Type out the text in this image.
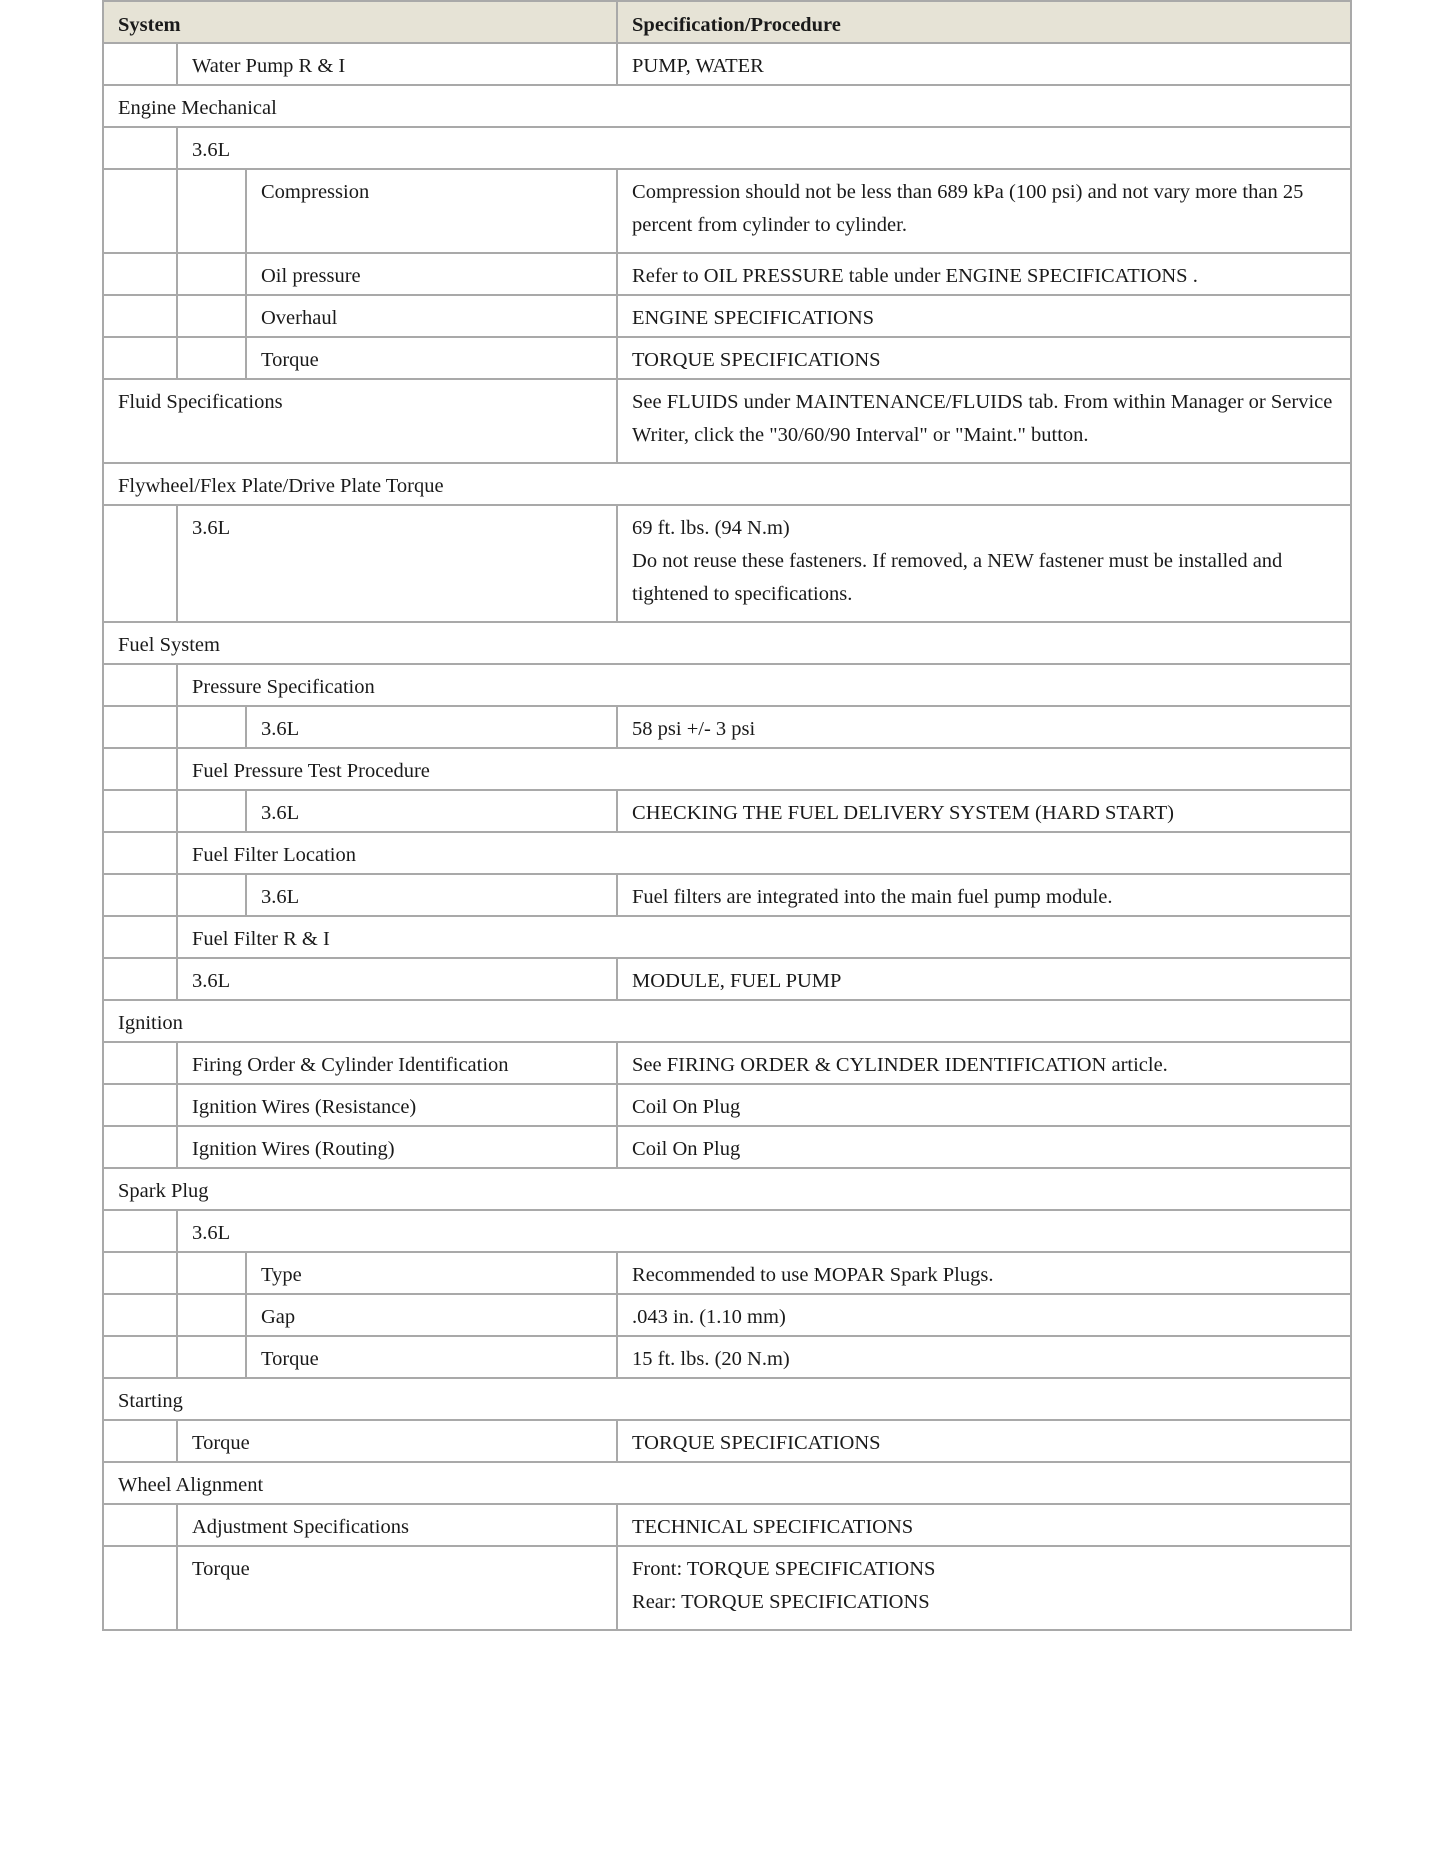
System			Specification/Procedure
	Water Pump R & I		PUMP, WATER
Engine Mechanical			
	3.6L		
		Compression	Compression should not be less than 689 kPa (100 psi) and not vary more than 25 percent from cylinder to cylinder.
		Oil pressure	Refer to OIL PRESSURE table under ENGINE SPECIFICATIONS .
		Overhaul	ENGINE SPECIFICATIONS
		Torque	TORQUE SPECIFICATIONS
Fluid Specifications			See FLUIDS under MAINTENANCE/FLUIDS tab. From within Manager or Service Writer, click the "30/60/90 Interval" or "Maint." button.
Flywheel/Flex Plate/Drive Plate Torque			
	3.6L		69 ft. lbs. (94 N.m)
Do not reuse these fasteners. If removed, a NEW fastener must be installed and tightened to specifications.

Fuel System			
	Pressure Specification		
		3.6L	58 psi +/- 3 psi
	Fuel Pressure Test Procedure		
		3.6L	CHECKING THE FUEL DELIVERY SYSTEM (HARD START)
	Fuel Filter Location		
		3.6L	Fuel filters are integrated into the main fuel pump module.
	Fuel Filter R & I		
	3.6L		MODULE, FUEL PUMP
Ignition			
	Firing Order & Cylinder Identification		See FIRING ORDER & CYLINDER IDENTIFICATION article.
	Ignition Wires (Resistance)		Coil On Plug
	Ignition Wires (Routing)		Coil On Plug
Spark Plug			
	3.6L		
		Type	Recommended to use MOPAR Spark Plugs.
		Gap	.043 in. (1.10 mm)
		Torque	15 ft. lbs. (20 N.m)
Starting			
	Torque		TORQUE SPECIFICATIONS
Wheel Alignment			
	Adjustment Specifications		TECHNICAL SPECIFICATIONS
	Torque		Front: TORQUE SPECIFICATIONS
Rear: TORQUE SPECIFICATIONS
